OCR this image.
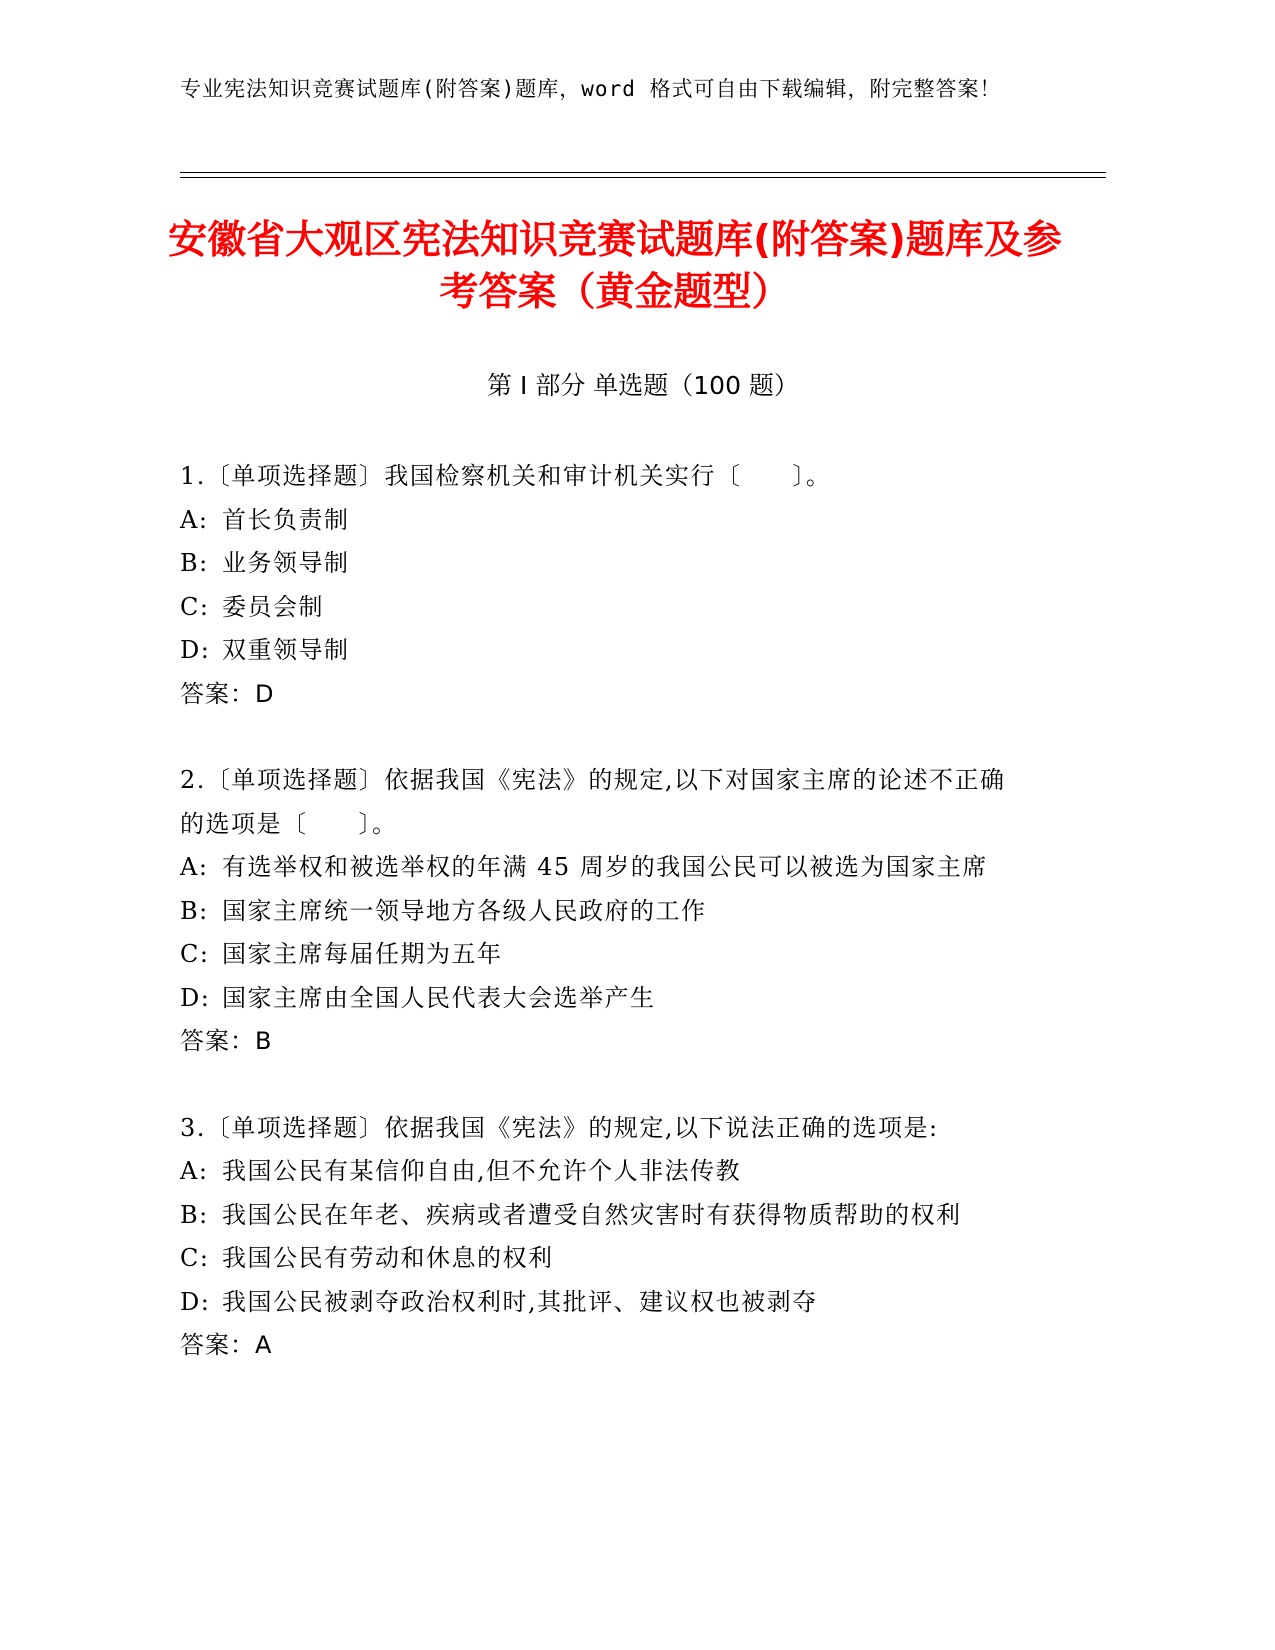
专业宪法知识竞赛试题库(附答案)题库，word 格式可自由下载编辑，附完整答案！
安徽省大观区宪法知识竞赛试题库(附答案)题库及参考答案（黄金题型）
第 I 部分 单选题（100 题）

1.〔单项选择题〕我国检察机关和审计机关实行〔　　〕。

A: 首长负责制

B: 业务领导制

C: 委员会制

D: 双重领导制

答案：D

2.〔单项选择题〕依据我国《宪法》的规定,以下对国家主席的论述不正确的选项是〔　　〕。

A: 有选举权和被选举权的年满 45 周岁的我国公民可以被选为国家主席

B: 国家主席统一领导地方各级人民政府的工作

C: 国家主席每届任期为五年

D: 国家主席由全国人民代表大会选举产生

答案：B

3.〔单项选择题〕依据我国《宪法》的规定,以下说法正确的选项是:

A: 我国公民有某信仰自由,但不允许个人非法传教

B: 我国公民在年老、疾病或者遭受自然灾害时有获得物质帮助的权利

C: 我国公民有劳动和休息的权利

D: 我国公民被剥夺政治权利时,其批评、建议权也被剥夺

答案：A
